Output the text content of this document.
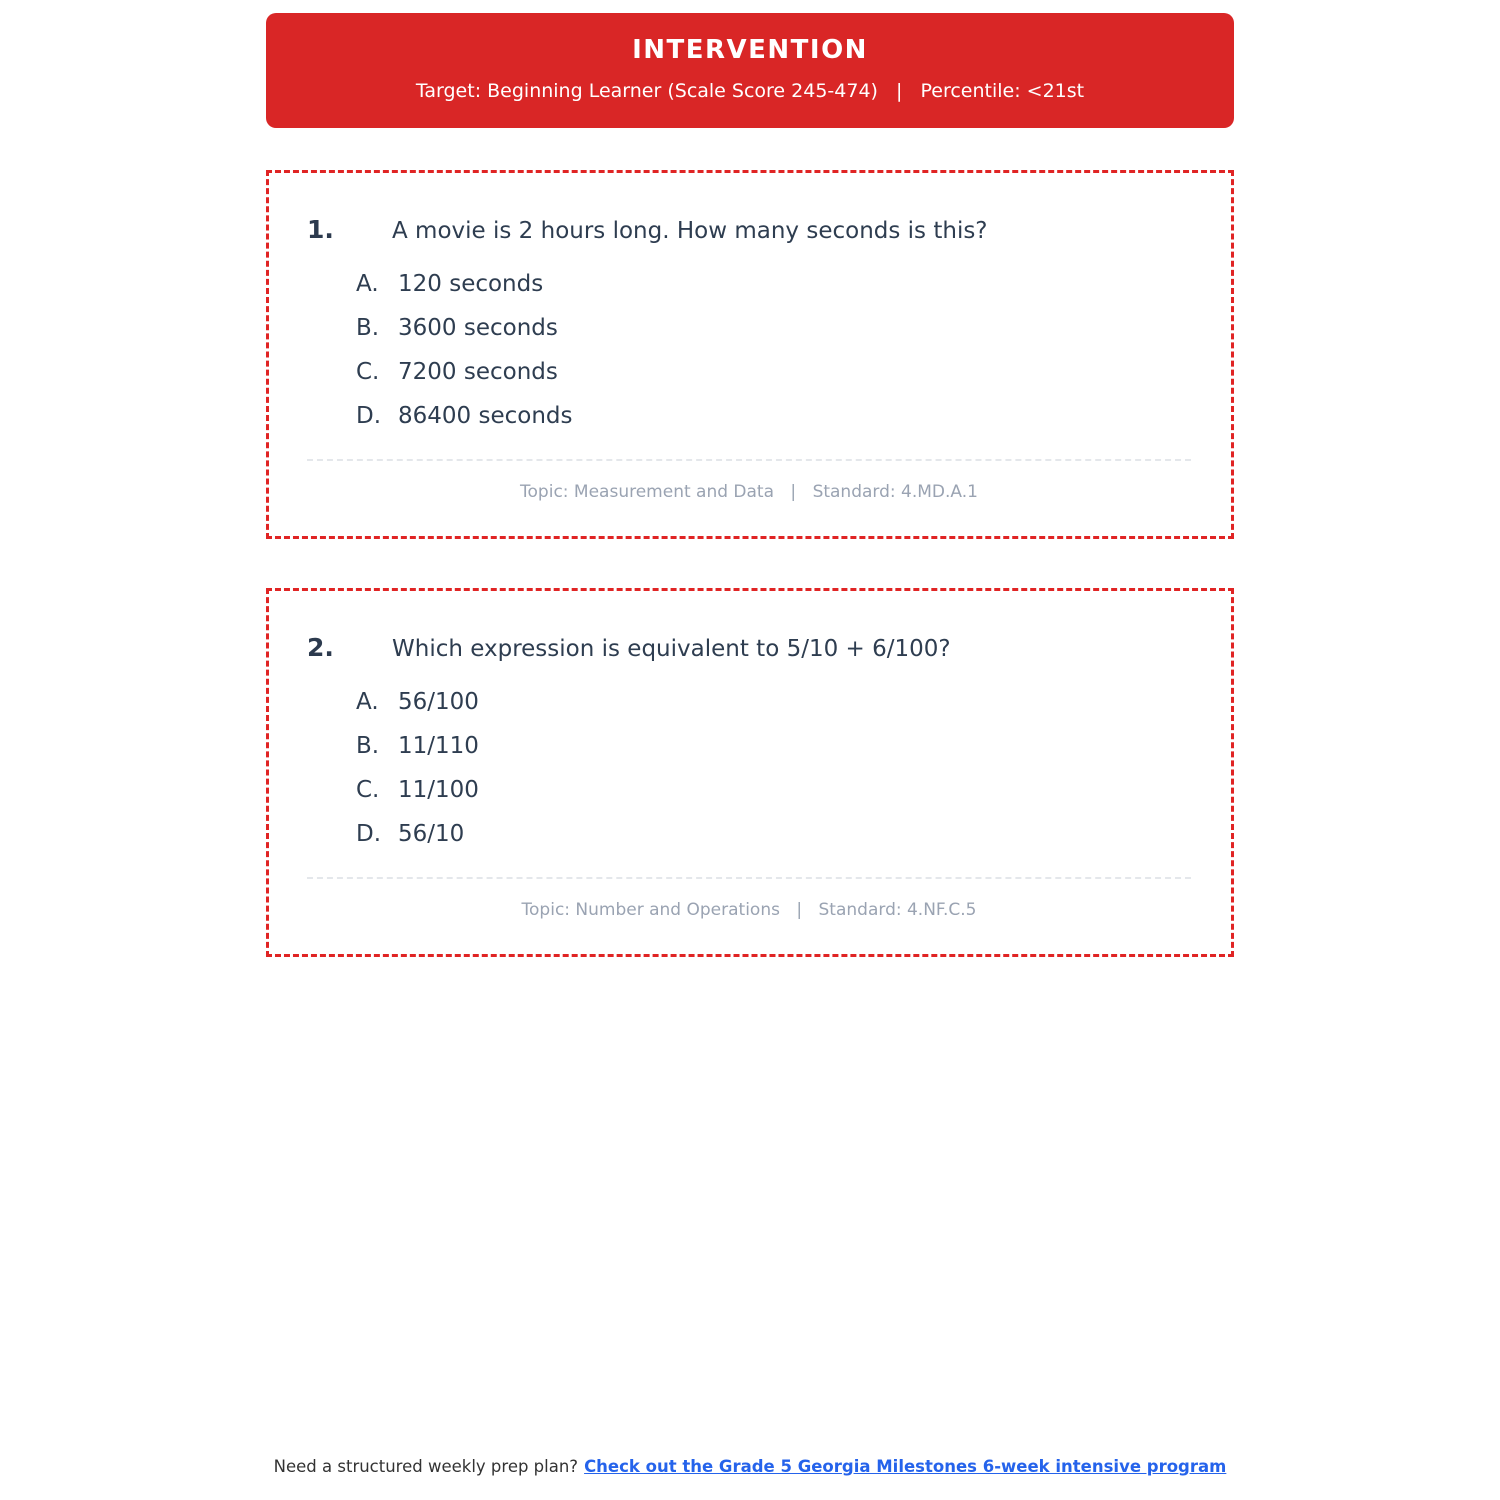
INTERVENTION
Target: Beginning Learner (Scale Score 245-474) | Percentile: <21st
1.	A movie is 2 hours long. How many seconds is this?
A. 120 seconds
B. 3600 seconds
C. 7200 seconds
D. 86400 seconds
Topic: Measurement and Data | Standard: 4.MD.A.1
2.	Which expression is equivalent to 5/10 + 6/100?
A. 56/100
B. 11/110
C. 11/100
D. 56/10
Topic: Number and Operations | Standard: 4.NF.C.5
Need a structured weekly prep plan? Check out the Grade 5 Georgia Milestones 6-week intensive program
